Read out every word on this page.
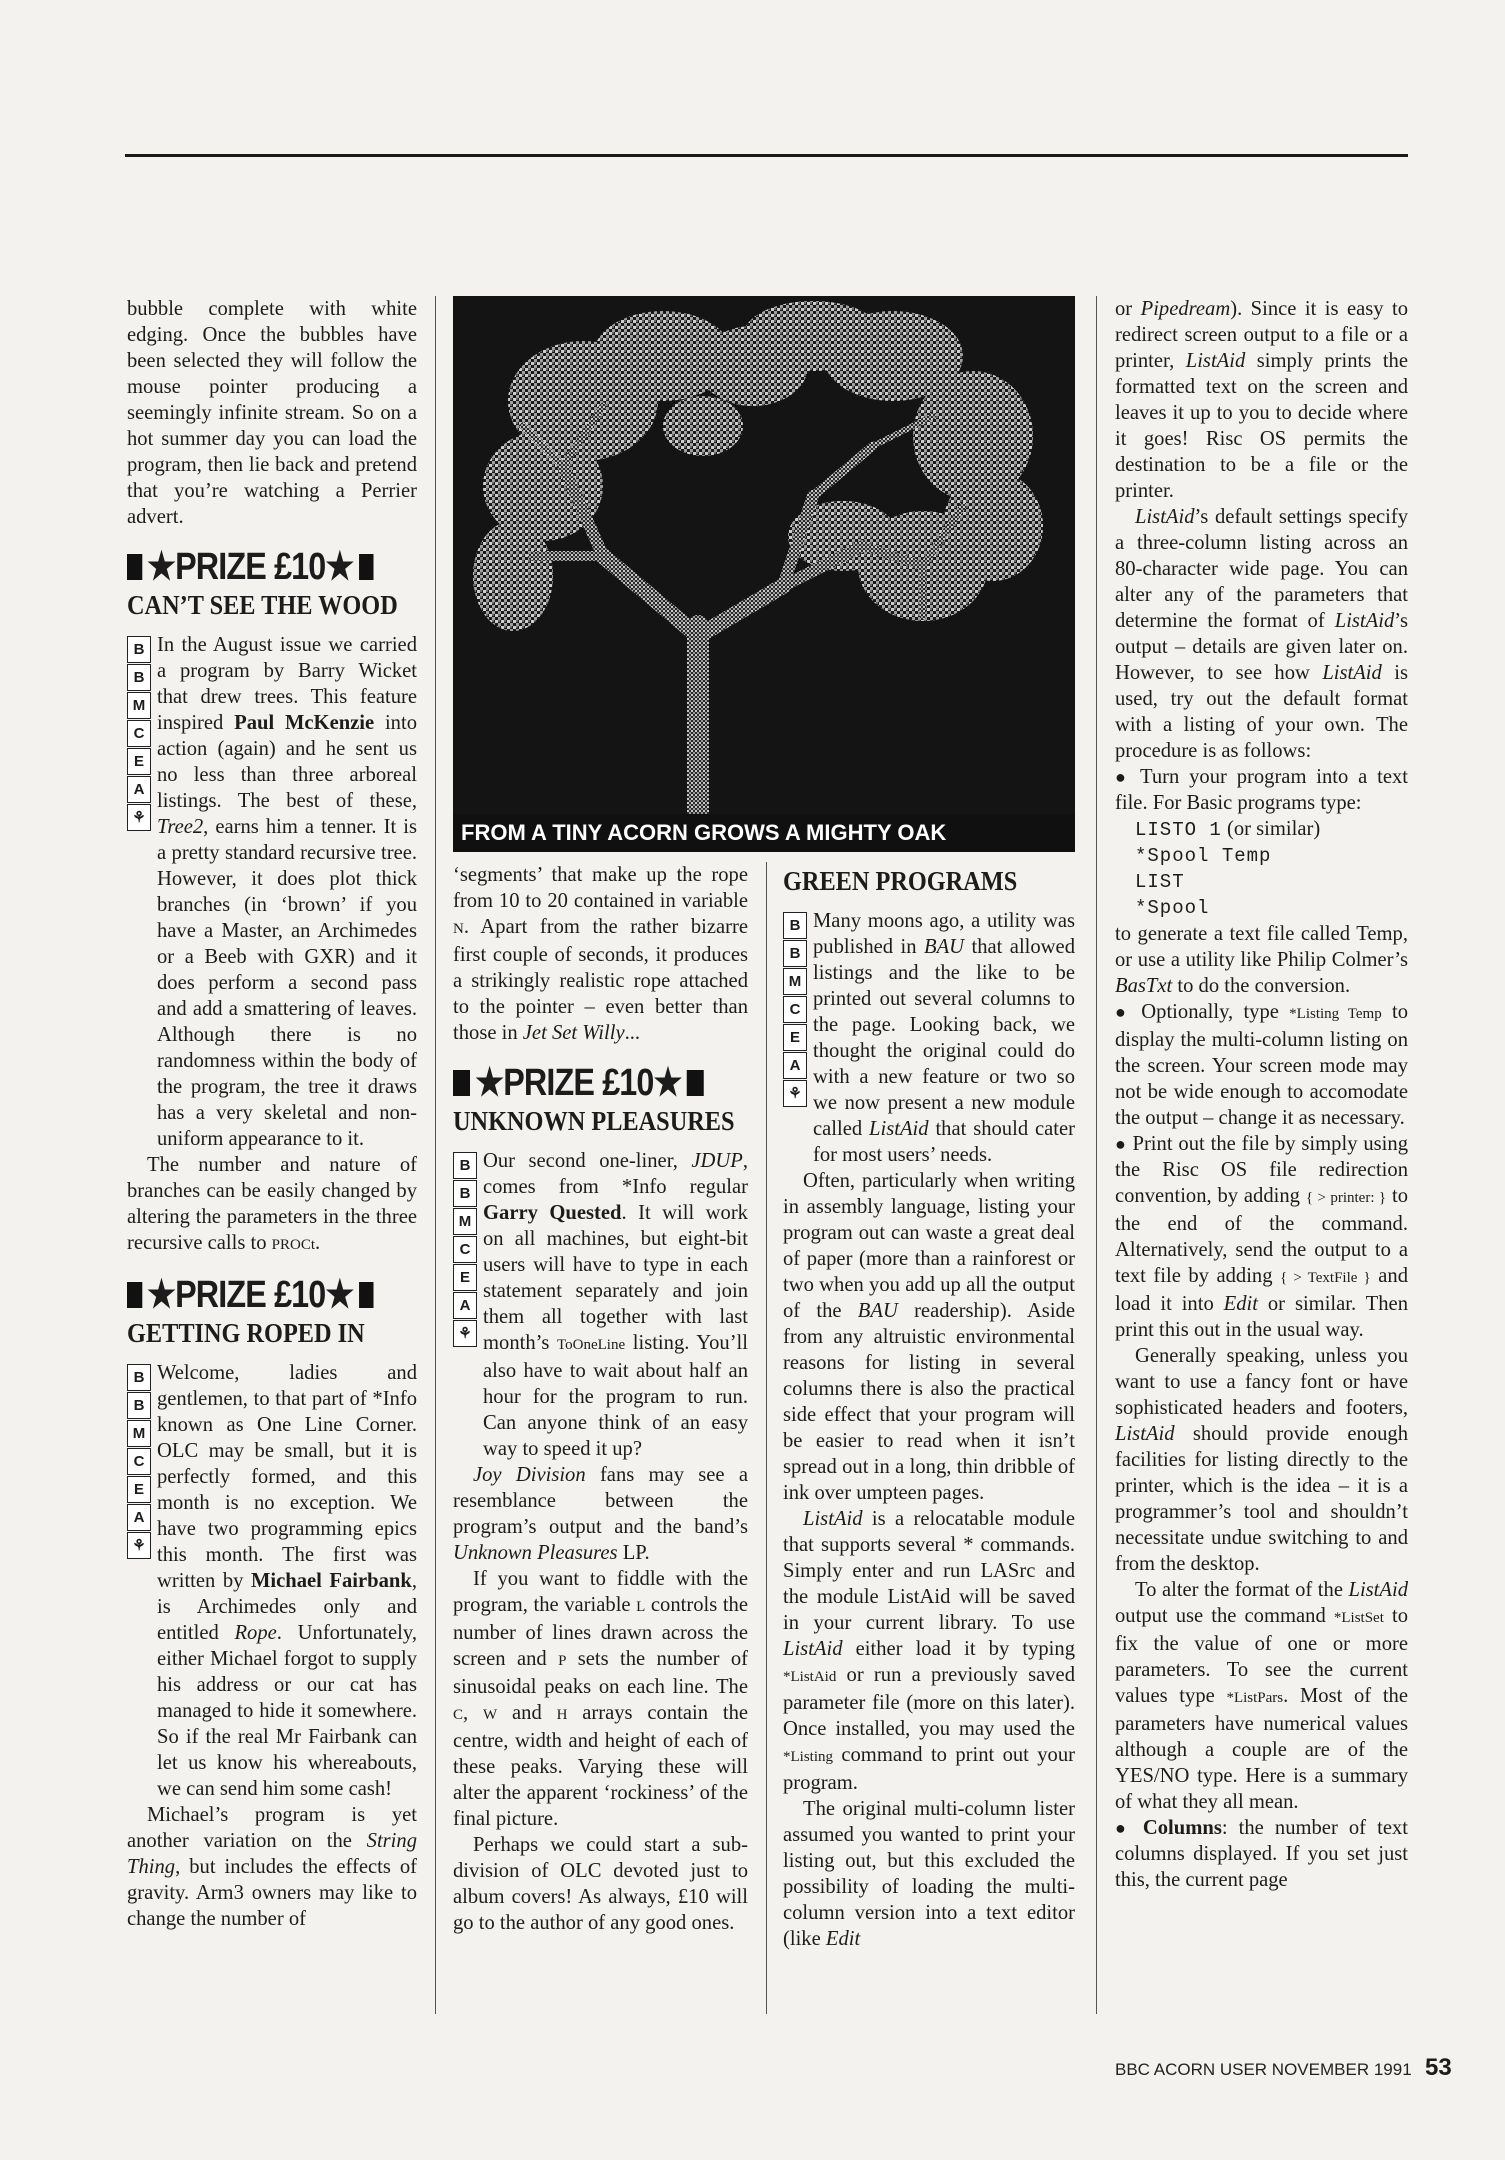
bubble complete with white edging. Once the bubbles have been selected they will follow the mouse pointer producing a seemingly infinite stream. So on a hot summer day you can load the program, then lie back and pretend that you’re watching a Perrier advert.

★PRIZE £10★
CAN’T SEE THE WOOD
B
B
M
C
E
A
⚘

In the August issue we carried a program by Barry Wicket that drew trees. This feature inspired Paul McKenzie into action (again) and he sent us no less than three arboreal listings. The best of these, Tree2, earns him a tenner. It is a pretty standard recursive tree. However, it does plot thick branches (in ‘brown’ if you have a Master, an Archimedes or a Beeb with GXR) and it does perform a second pass and add a smattering of leaves. Although there is no randomness within the body of the program, the tree it draws has a very skeletal and non-uniform appearance to it.

The number and nature of branches can be easily changed by altering the parameters in the three recursive calls to PROCt.

★PRIZE £10★
GETTING ROPED IN
B
B
M
C
E
A
⚘

Welcome, ladies and gentlemen, to that part of *Info known as One Line Corner. OLC may be small, but it is perfectly formed, and this month is no exception. We have two programming epics this month. The first was written by Michael Fairbank, is Archimedes only and entitled Rope. Unfortunately, either Michael forgot to supply his address or our cat has managed to hide it somewhere. So if the real Mr Fairbank can let us know his whereabouts, we can send him some cash!

Michael’s program is yet another variation on the String Thing, but includes the effects of gravity. Arm3 owners may like to change the number of

FROM A TINY ACORN GROWS A MIGHTY OAK

‘segments’ that make up the rope from 10 to 20 contained in variable N. Apart from the rather bizarre first couple of seconds, it produces a strikingly realistic rope attached to the pointer – even better than those in Jet Set Willy...

★PRIZE £10★
UNKNOWN PLEASURES
B
B
M
C
E
A
⚘

Our second one-liner, JDUP, comes from *Info regular Garry Quested. It will work on all machines, but eight-bit users will have to type in each statement separately and join them all together with last month’s ToOneLine listing. You’ll also have to wait about half an hour for the program to run. Can anyone think of an easy way to speed it up?

Joy Division fans may see a resemblance between the program’s output and the band’s Unknown Pleasures LP.

If you want to fiddle with the program, the variable L controls the number of lines drawn across the screen and P sets the number of sinusoidal peaks on each line. The C, W and H arrays contain the centre, width and height of each of these peaks. Varying these will alter the apparent ‘rockiness’ of the final picture.

Perhaps we could start a sub-division of OLC devoted just to album covers! As always, £10 will go to the author of any good ones.

GREEN PROGRAMS
B
B
M
C
E
A
⚘

Many moons ago, a utility was published in BAU that allowed listings and the like to be printed out several columns to the page. Looking back, we thought the original could do with a new feature or two so we now present a new module called ListAid that should cater for most users’ needs.

Often, particularly when writing in assembly language, listing your program out can waste a great deal of paper (more than a rainforest or two when you add up all the output of the BAU readership). Aside from any altruistic environmental reasons for listing in several columns there is also the practical side effect that your program will be easier to read when it isn’t spread out in a long, thin dribble of ink over umpteen pages.

ListAid is a relocatable module that supports several * commands. Simply enter and run LASrc and the module ListAid will be saved in your current library. To use ListAid either load it by typing *ListAid or run a previously saved parameter file (more on this later). Once installed, you may used the *Listing command to print out your program.

The original multi-column lister assumed you wanted to print your listing out, but this excluded the possibility of loading the multi-column version into a text editor (like Edit

or Pipedream). Since it is easy to redirect screen output to a file or a printer, ListAid simply prints the formatted text on the screen and leaves it up to you to decide where it goes! Risc OS permits the destination to be a file or the printer.

ListAid’s default settings specify a three-column listing across an 80-character wide page. You can alter any of the parameters that determine the format of ListAid’s output – details are given later on. However, to see how ListAid is used, try out the default format with a listing of your own. The procedure is as follows:

● Turn your program into a text file. For Basic programs type:

LISTO 1 (or similar)
*Spool Temp
LIST
*Spool

to generate a text file called Temp, or use a utility like Philip Colmer’s BasTxt to do the conversion.

● Optionally, type *Listing Temp to display the multi-column listing on the screen. Your screen mode may not be wide enough to accomodate the output – change it as necessary.

● Print out the file by simply using the Risc OS file redirection convention, by adding { > printer: } to the end of the command. Alternatively, send the output to a text file by adding { > TextFile } and load it into Edit or similar. Then print this out in the usual way.

Generally speaking, unless you want to use a fancy font or have sophisticated headers and footers, ListAid should provide enough facilities for listing directly to the printer, which is the idea – it is a programmer’s tool and shouldn’t necessitate undue switching to and from the desktop.

To alter the format of the ListAid output use the command *ListSet to fix the value of one or more parameters. To see the current values type *ListPars. Most of the parameters have numerical values although a couple are of the YES/NO type. Here is a summary of what they all mean.

● Columns: the number of text columns displayed. If you set just this, the current page

BBC ACORN USER NOVEMBER 1991 53
